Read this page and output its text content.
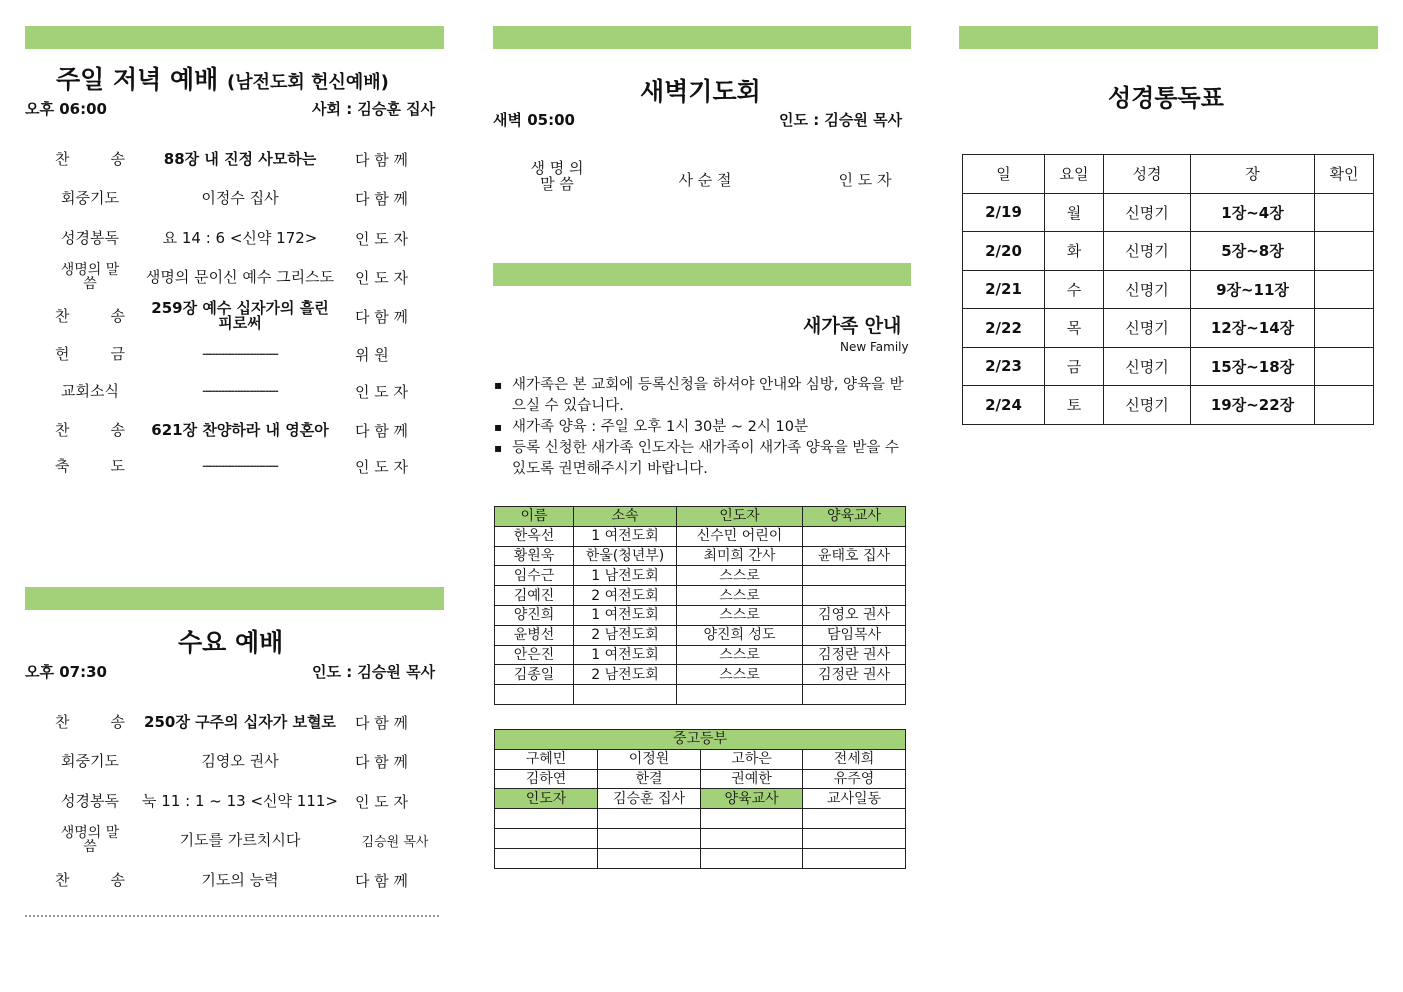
주일 저녁 예배 (남전도회 헌신예배)
오후 06:00	사회 : 김승훈 집사
찬	송	88장 내 진정 사모하는	다 함 께
회중기도	이정수 집사	다 함 께
성경봉독	요 14 : 6 <신약 172>	인 도 자
생명의 말씀	생명의 문이신 예수 그리스도	인 도 자
찬	송	259장 예수 십자가의 흘린 피로써	다 함 께
헌	금	------------------------	위 원
교회소식	------------------------	인 도 자
찬	송	621장 찬양하라 내 영혼아	다 함 께
축	도	------------------------	인 도 자
수요 예배
오후 07:30	인도 : 김승원 목사
찬	송	250장 구주의 십자가 보혈로	다 함 께
회중기도	김영오 권사	다 함 께
성경봉독	눅 11 : 1 ~ 13 <신약 111>	인 도 자
생명의 말씀	기도를 가르치시다	김승원 목사
찬	송	기도의 능력	다 함 께
새벽기도회
새벽 05:00	인도 : 김승원 목사
생 명 의 말 씀	사 순 절	인 도 자
새가족 안내
New Family
▪ 새가족은 본 교회에 등록신청을 하셔야 안내와 심방, 양육을 받으실 수 있습니다.
▪ 새가족 양육 : 주일 오후 1시 30분 ~ 2시 10분
▪ 등록 신청한 새가족 인도자는 새가족이 새가족 양육을 받을 수 있도록 권면해주시기 바랍니다.
이름	소속	인도자	양육교사
한옥선	1 여전도회	신수민 어린이	
황원욱	한울(청년부)	최미희 간사	윤태호 집사
임수근	1 남전도회	스스로	
김예진	2 여전도회	스스로	
양진희	1 여전도회	스스로	김영오 권사
윤병선	2 남전도회	양진희 성도	담임목사
안은진	1 여전도회	스스로	김정란 권사
김종일	2 남전도회	스스로	김정란 권사

중고등부			
구혜민	이정원	고하은	전세희
김하연	한결	권예한	유주영
인도자	김승훈 집사	양육교사	교사일동

성경통독표
일	요일	성경	장	확인
2/19	월	신명기	1장~4장	
2/20	화	신명기	5장~8장	
2/21	수	신명기	9장~11장	
2/22	목	신명기	12장~14장	
2/23	금	신명기	15장~18장	
2/24	토	신명기	19장~22장	
